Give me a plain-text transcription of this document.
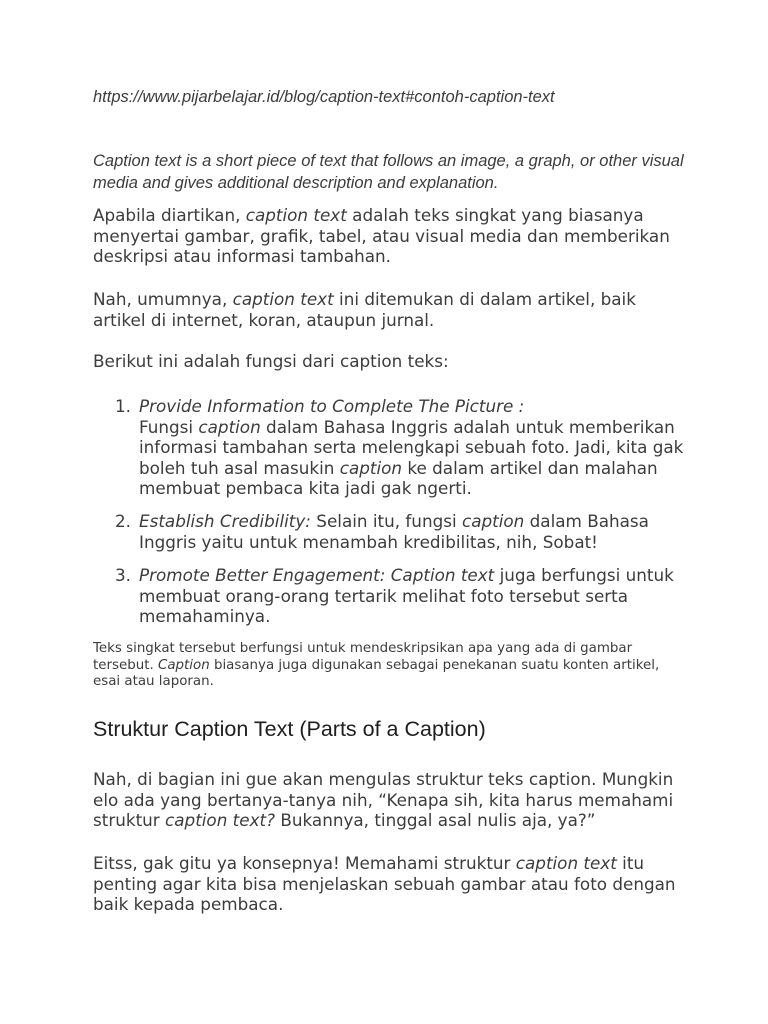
https://www.pijarbelajar.id/blog/caption-text#contoh-caption-text

Caption text is a short piece of text that follows an image, a graph, or other visual media and gives additional description and explanation.

Apabila diartikan, caption text adalah teks singkat yang biasanya menyertai gambar, grafik, tabel, atau visual media dan memberikan deskripsi atau informasi tambahan.

Nah, umumnya, caption text ini ditemukan di dalam artikel, baik artikel di internet, koran, ataupun jurnal.

Berikut ini adalah fungsi dari caption teks:

1. Provide Information to Complete The Picture :
Fungsi caption dalam Bahasa Inggris adalah untuk memberikan informasi tambahan serta melengkapi sebuah foto. Jadi, kita gak boleh tuh asal masukin caption ke dalam artikel dan malahan membuat pembaca kita jadi gak ngerti.
2. Establish Credibility: Selain itu, fungsi caption dalam Bahasa Inggris yaitu untuk menambah kredibilitas, nih, Sobat!
3. Promote Better Engagement: Caption text juga berfungsi untuk membuat orang-orang tertarik melihat foto tersebut serta memahaminya.

Teks singkat tersebut berfungsi untuk mendeskripsikan apa yang ada di gambar tersebut. Caption biasanya juga digunakan sebagai penekanan suatu konten artikel, esai atau laporan.

Struktur Caption Text (Parts of a Caption)

Nah, di bagian ini gue akan mengulas struktur teks caption. Mungkin elo ada yang bertanya-tanya nih, “Kenapa sih, kita harus memahami struktur caption text? Bukannya, tinggal asal nulis aja, ya?”

Eitss, gak gitu ya konsepnya! Memahami struktur caption text itu penting agar kita bisa menjelaskan sebuah gambar atau foto dengan baik kepada pembaca.
